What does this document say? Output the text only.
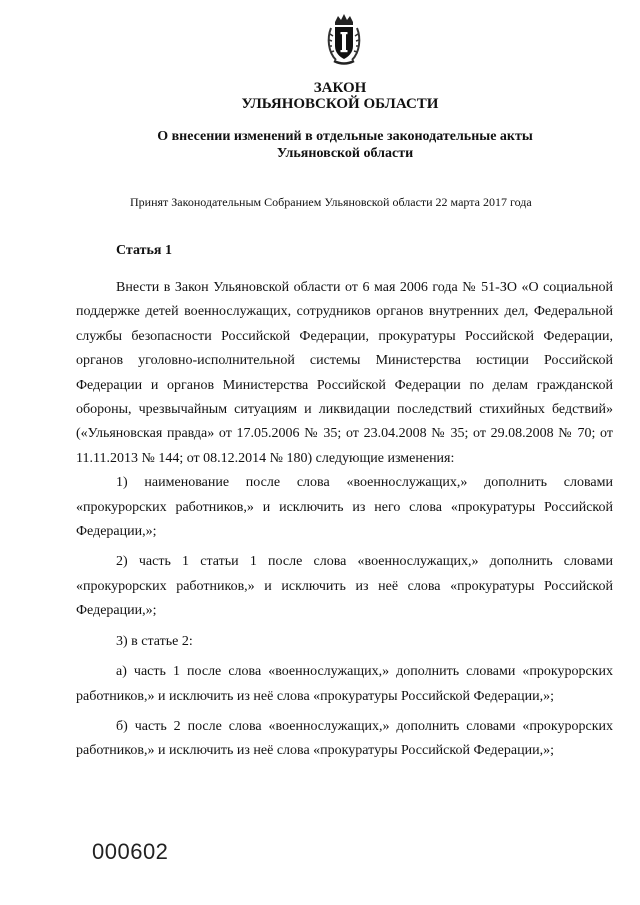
ЗАКОН
УЛЬЯНОВСКОЙ ОБЛАСТИ
О внесении изменений в отдельные законодательные акты
Ульяновской области
Принят Законодательным Собранием Ульяновской области 22 марта 2017 года
Статья 1

Внести в Закон Ульяновской области от 6 мая 2006 года № 51-ЗО «О социальной поддержке детей военнослужащих, сотрудников органов внутренних дел, Федеральной службы безопасности Российской Федерации, прокуратуры Российской Федерации, органов уголовно-исполнительной системы Министерства юстиции Российской Федерации и органов Министерства Российской Федерации по делам гражданской обороны, чрезвычайным ситуациям и ликвидации последствий стихийных бедствий» («Ульяновская правда» от 17.05.2006 № 35; от 23.04.2008 № 35; от 29.08.2008 № 70; от 11.11.2013 № 144; от 08.12.2014 № 180) следующие изменения:

1) наименование после слова «военнослужащих,» дополнить словами «прокурорских работников,» и исключить из него слова «прокуратуры Российской Федерации,»;

2) часть 1 статьи 1 после слова «военнослужащих,» дополнить словами «прокурорских работников,» и исключить из неё слова «прокуратуры Российской Федерации,»;

3) в статье 2:

а) часть 1 после слова «военнослужащих,» дополнить словами «прокурорских работников,» и исключить из неё слова «прокуратуры Российской Федерации,»;

б) часть 2 после слова «военнослужащих,» дополнить словами «прокурорских работников,» и исключить из неё слова «прокуратуры Российской Федерации,»;

000602
